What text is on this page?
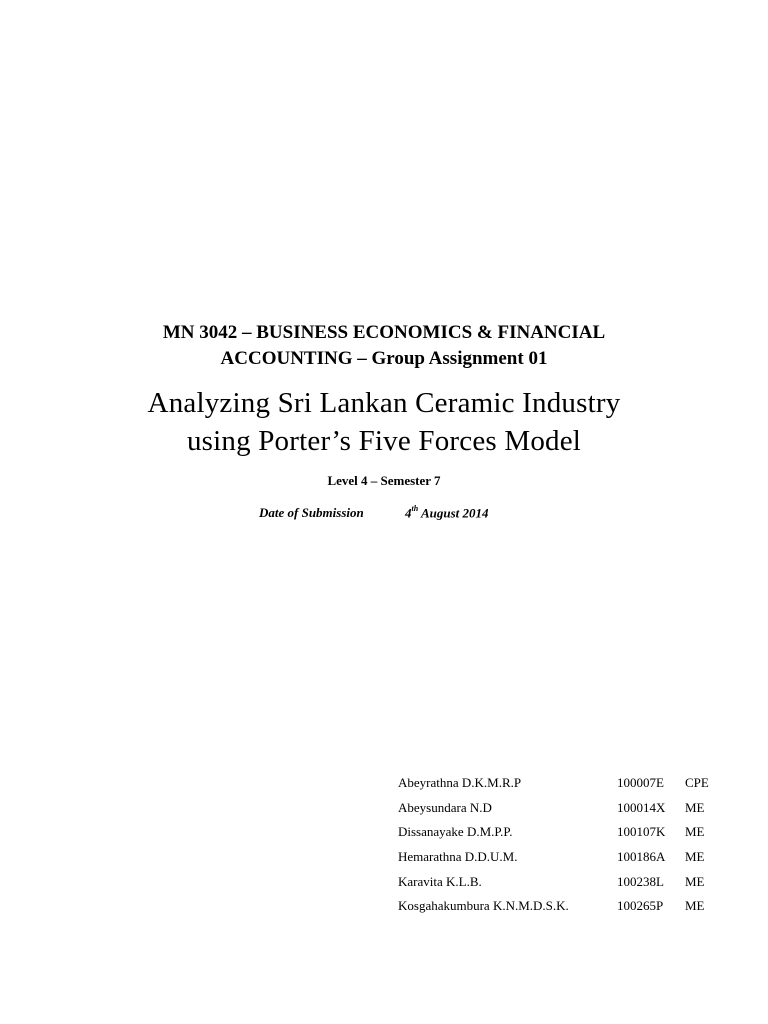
MN 3042 – BUSINESS ECONOMICS & FINANCIAL
ACCOUNTING – Group Assignment 01
Analyzing Sri Lankan Ceramic Industry
using Porter’s Five Forces Model
Level 4 – Semester 7
Date of Submission	4th August 2014
Abeyrathna D.K.M.R.P	100007E	CPE
Abeysundara N.D	100014X	ME
Dissanayake D.M.P.P.	100107K	ME
Hemarathna D.D.U.M.	100186A	ME
Karavita K.L.B.	100238L	ME
Kosgahakumbura K.N.M.D.S.K.	100265P	ME
